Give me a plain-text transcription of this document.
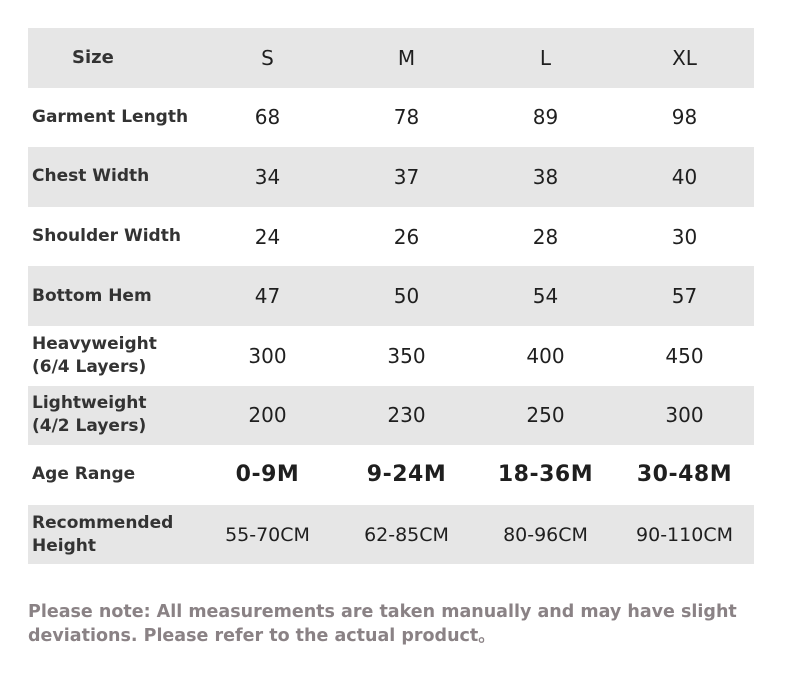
Size	S	M	L	XL
Garment Length	68	78	89	98
Chest Width	34	37	38	40
Shoulder Width	24	26	28	30
Bottom Hem	47	50	54	57
Heavyweight
(6/4 Layers)	300	350	400	450
Lightweight
(4/2 Layers)	200	230	250	300
Age Range	0-9M	9-24M	18-36M	30-48M
Recommended
Height	55-70CM	62-85CM	80-96CM	90-110CM
Please note: All measurements are taken manually and may have slight deviations. Please refer to the actual product。
